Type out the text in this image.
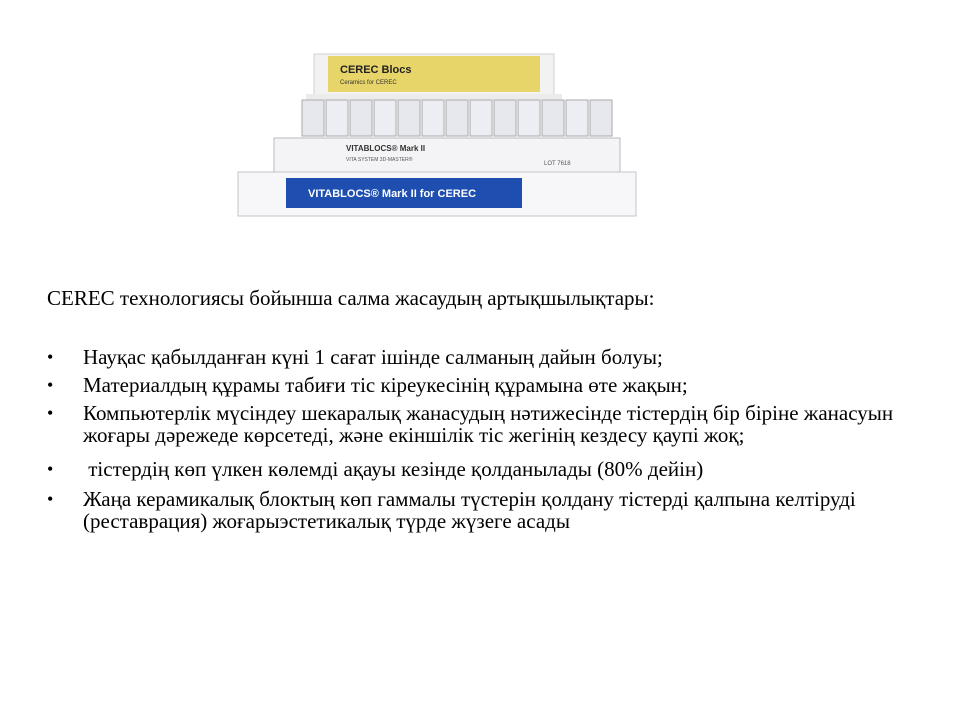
CEREC Blocs
Ceramics for CEREC
VITABLOCS® Mark II
VITA SYSTEM 3D-MASTER®
LOT 7618
VITABLOCS® Mark II for CEREC
CEREC технологиясы бойынша салма жасаудың артықшылықтары:
• Науқас қабылданған күні 1 сағат ішінде салманың дайын болуы;
• Материалдың құрамы табиғи тіс кіреукесінің құрамына өте жақын;
• Компьютерлік мүсіндеу шекаралық жанасудың нәтижесінде тістердің бір біріне жанасуын жоғары дәрежеде көрсетеді, және екіншілік тіс жегінің кездесу қаупі жоқ;
• тістердің көп үлкен көлемді ақауы кезінде қолданылады (80% дейін)
• Жаңа керамикалық блоктың көп гаммалы түстерін қолдану тістерді қалпына келтіруді (реставрация) жоғарыэстетикалық түрде жүзеге асады
